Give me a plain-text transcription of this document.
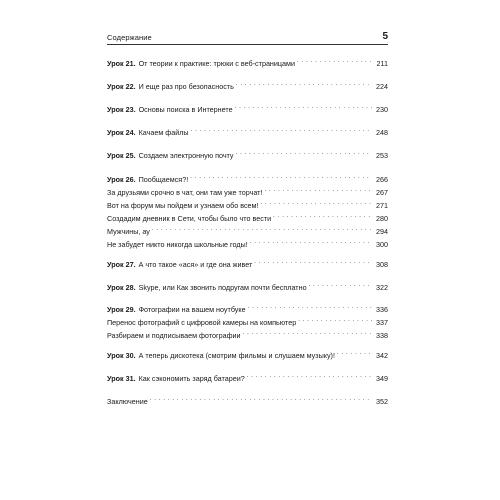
Содержание	5
Урок 21. От теории к практике: трюки с веб-страницами . . .	211
Урок 22. И еще раз про безопасность . . .	224
Урок 23. Основы поиска в Интернете . . .	230
Урок 24. Качаем файлы . . .	248
Урок 25. Создаем электронную почту . . .	253
Урок 26. Пообщаемся?! . . .	266
За друзьями срочно в чат, они там уже торчат! . . .	267
Вот на форум мы пойдем и узнаем обо всем! . . .	271
Создадим дневник в Сети, чтобы было что вести . . .	280
Мужчины, ау . . .	294
Не забудет никто никогда школьные годы! . . .	300
Урок 27. А что такое «ася» и где она живет . . .	308
Урок 28. Skype, или Как звонить подругам почти бесплатно . . .	322
Урок 29. Фотографии на вашем ноутбуке . . .	336
Перенос фотографий с цифровой камеры на компьютер . . .	337
Разбираем и подписываем фотографии . . .	338
Урок 30. А теперь дискотека (смотрим фильмы и слушаем музыку)! . . .	342
Урок 31. Как сэкономить заряд батареи? . . .	349
Заключение . . .	352
